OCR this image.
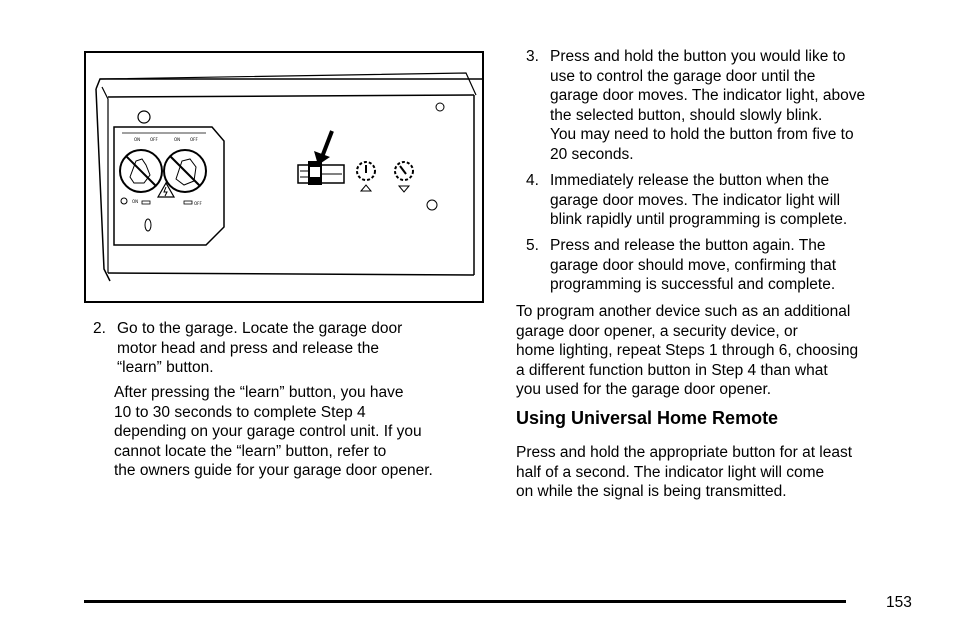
ON OFF	ON OFF
ON	OFF
2. Go to the garage. Locate the garage door
motor head and press and release the
“learn” button.
After pressing the “learn” button, you have
10 to 30 seconds to complete Step 4
depending on your garage control unit. If you
cannot locate the “learn” button, refer to
the owners guide for your garage door opener.
3. Press and hold the button you would like to
use to control the garage door until the
garage door moves. The indicator light, above
the selected button, should slowly blink.
You may need to hold the button from five to
20 seconds.
4. Immediately release the button when the
garage door moves. The indicator light will
blink rapidly until programming is complete.
5. Press and release the button again. The
garage door should move, confirming that
programming is successful and complete.
To program another device such as an additional
garage door opener, a security device, or
home lighting, repeat Steps 1 through 6, choosing
a different function button in Step 4 than what
you used for the garage door opener.
Using Universal Home Remote
Press and hold the appropriate button for at least
half of a second. The indicator light will come
on while the signal is being transmitted.
153
